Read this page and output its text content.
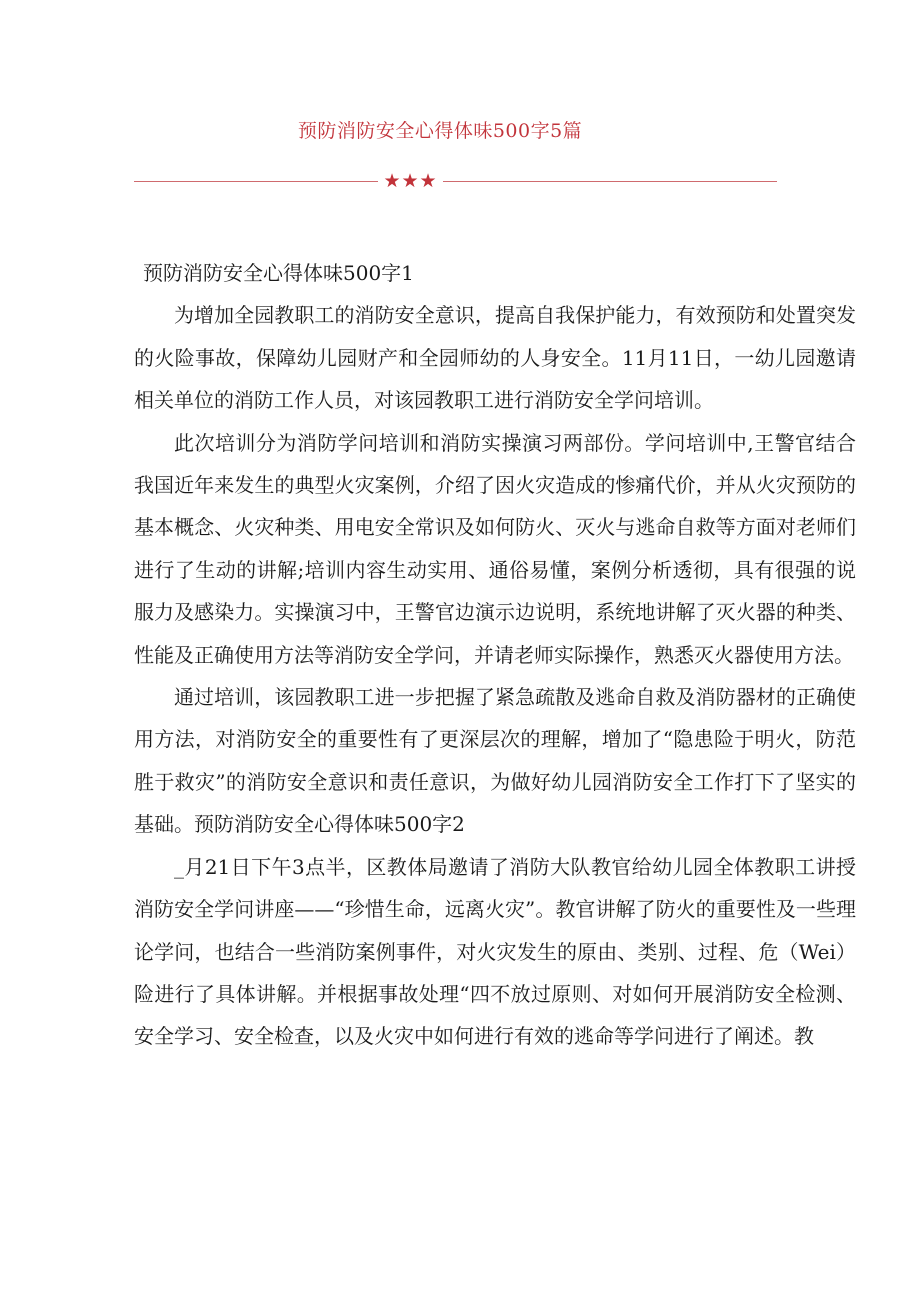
预防消防安全心得体味500字5篇
★★★

预防消防安全心得体味500字1

为增加全园教职工的消防安全意识，提高自我保护能力，有效预防和处置突发的火险事故，保障幼儿园财产和全园师幼的人身安全。11月11日，一幼儿园邀请相关单位的消防工作人员，对该园教职工进行消防安全学问培训。

此次培训分为消防学问培训和消防实操演习两部份。学问培训中,王警官结合我国近年来发生的典型火灾案例，介绍了因火灾造成的惨痛代价，并从火灾预防的基本概念、火灾种类、用电安全常识及如何防火、灭火与逃命自救等方面对老师们进行了生动的讲解;培训内容生动实用、通俗易懂，案例分析透彻，具有很强的说服力及感染力。实操演习中，王警官边演示边说明，系统地讲解了灭火器的种类、性能及正确使用方法等消防安全学问，并请老师实际操作，熟悉灭火器使用方法。

通过培训，该园教职工进一步把握了紧急疏散及逃命自救及消防器材的正确使用方法，对消防安全的重要性有了更深层次的理解，增加了“隐患险于明火，防范胜于救灾”的消防安全意识和责任意识，为做好幼儿园消防安全工作打下了坚实的基础。预防消防安全心得体味500字2

_月21日下午3点半，区教体局邀请了消防大队教官给幼儿园全体教职工讲授消防安全学问讲座——“珍惜生命，远离火灾”。教官讲解了防火的重要性及一些理论学问，也结合一些消防案例事件，对火灾发生的原由、类别、过程、危（Wei）险进行了具体讲解。并根据事故处理“四不放过原则、对如何开展消防安全检测、安全学习、安全检查，以及火灾中如何进行有效的逃命等学问进行了阐述。教
